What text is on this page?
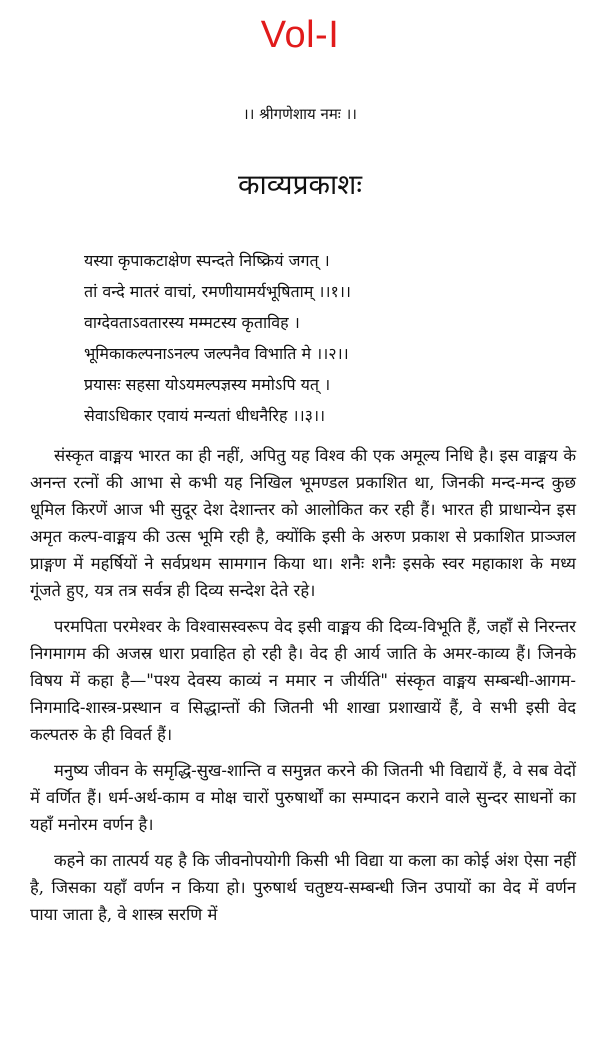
Vol-I
।। श्रीगणेशाय नमः ।।
काव्यप्रकाशः
यस्या कृपाकटाक्षेण स्पन्दते निष्क्रियं जगत् ।
तां वन्दे मातरं वाचां, रमणीयामर्यभूषिताम् ।।१।।
वाग्देवताऽवतारस्य मम्मटस्य कृताविह ।
भूमिकाकल्पनाऽनल्प जल्पनैव विभाति मे ।।२।।
प्रयासः सहसा योऽयमल्पज्ञस्य ममोऽपि यत् ।
सेवाऽधिकार एवायं मन्यतां धीधनैरिह ।।३।।

संस्कृत वाङ्मय भारत का ही नहीं, अपितु यह विश्व की एक अमूल्य निधि है। इस वाङ्मय के अनन्त रत्नों की आभा से कभी यह निखिल भूमण्डल प्रकाशित था, जिनकी मन्द-मन्द कुछ धूमिल किरणें आज भी सुदूर देश देशान्तर को आलोकित कर रही हैं। भारत ही प्राधान्येन इस अमृत कल्प-वाङ्मय की उत्स भूमि रही है, क्योंकि इसी के अरुण प्रकाश से प्रकाशित प्राञ्जल प्राङ्गण में महर्षियों ने सर्वप्रथम सामगान किया था। शनैः शनैः इसके स्वर महाकाश के मध्य गूंजते हुए, यत्र तत्र सर्वत्र ही दिव्य सन्देश देते रहे।

परमपिता परमेश्वर के विश्वासस्वरूप वेद इसी वाङ्मय की दिव्य-विभूति हैं, जहाँ से निरन्तर निगमागम की अजस्र धारा प्रवाहित हो रही है। वेद ही आर्य जाति के अमर-काव्य हैं। जिनके विषय में कहा है—"पश्य देवस्य काव्यं न ममार न जीर्यति" संस्कृत वाङ्मय सम्बन्धी-आगम-निगमादि-शास्त्र-प्रस्थान व सिद्धान्तों की जितनी भी शाखा प्रशाखायें हैं, वे सभी इसी वेद कल्पतरु के ही विवर्त हैं।

मनुष्य जीवन के समृद्धि-सुख-शान्ति व समुन्नत करने की जितनी भी विद्यायें हैं, वे सब वेदों में वर्णित हैं। धर्म-अर्थ-काम व मोक्ष चारों पुरुषार्थों का सम्पादन कराने वाले सुन्दर साधनों का यहाँ मनोरम वर्णन है।

कहने का तात्पर्य यह है कि जीवनोपयोगी किसी भी विद्या या कला का कोई अंश ऐसा नहीं है, जिसका यहाँ वर्णन न किया हो। पुरुषार्थ चतुष्टय-सम्बन्धी जिन उपायों का वेद में वर्णन पाया जाता है, वे शास्त्र सरणि में
